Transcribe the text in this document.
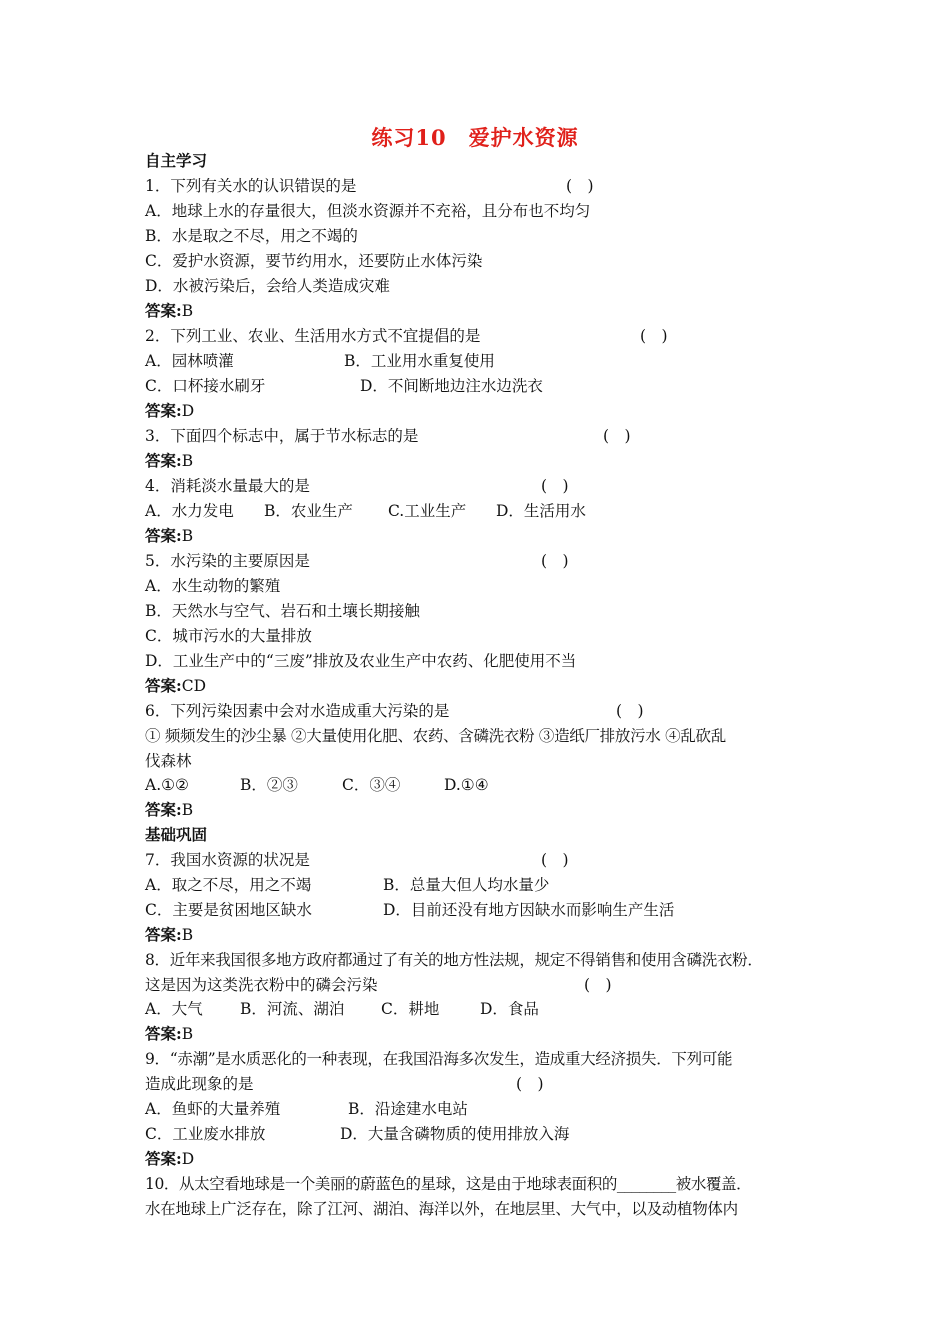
练习10　爱护水资源
自主学习
1．下列有关水的认识错误的是	(　)
A．地球上水的存量很大，但淡水资源并不充裕，且分布也不均匀
B．水是取之不尽，用之不竭的
C．爱护水资源，要节约用水，还要防止水体污染
D．水被污染后，会给人类造成灾难
答案:B
2．下列工业、农业、生活用水方式不宜提倡的是	(　)
A．园林喷灌	B．工业用水重复使用
C．口杯接水刷牙	D．不间断地边注水边洗衣
答案:D
3．下面四个标志中，属于节水标志的是	(　)
答案:B
4．消耗淡水量最大的是	(　)
A．水力发电 B．农业生产 C.工业生产 D．生活用水
答案:B
5．水污染的主要原因是	(　)
A．水生动物的繁殖
B．天然水与空气、岩石和土壤长期接触
C．城市污水的大量排放
D．工业生产中的“三废”排放及农业生产中农药、化肥使用不当
答案:CD
6．下列污染因素中会对水造成重大污染的是	(　)
① 频频发生的沙尘暴 ②大量使用化肥、农药、含磷洗衣粉 ③造纸厂排放污水 ④乱砍乱
伐森林
A.①②	B．②③	C．③④	D.①④
答案:B
基础巩固
7．我国水资源的状况是	(　)
A．取之不尽，用之不竭	B．总量大但人均水量少
C．主要是贫困地区缺水	D．目前还没有地方因缺水而影响生产生活
答案:B
8．近年来我国很多地方政府都通过了有关的地方性法规，规定不得销售和使用含磷洗衣粉．
这是因为这类洗衣粉中的磷会污染	(　)
A．大气 B．河流、湖泊 C．耕地	D．食品
答案:B
9．“赤潮”是水质恶化的一种表现，在我国沿海多次发生，造成重大经济损失．下列可能
造成此现象的是	(　)
A．鱼虾的大量养殖	B．沿途建水电站
C．工业废水排放	D．大量含磷物质的使用排放入海
答案:D
10．从太空看地球是一个美丽的蔚蓝色的星球，这是由于地球表面积的________被水覆盖．
水在地球上广泛存在，除了江河、湖泊、海洋以外，在地层里、大气中，以及动植物体内
